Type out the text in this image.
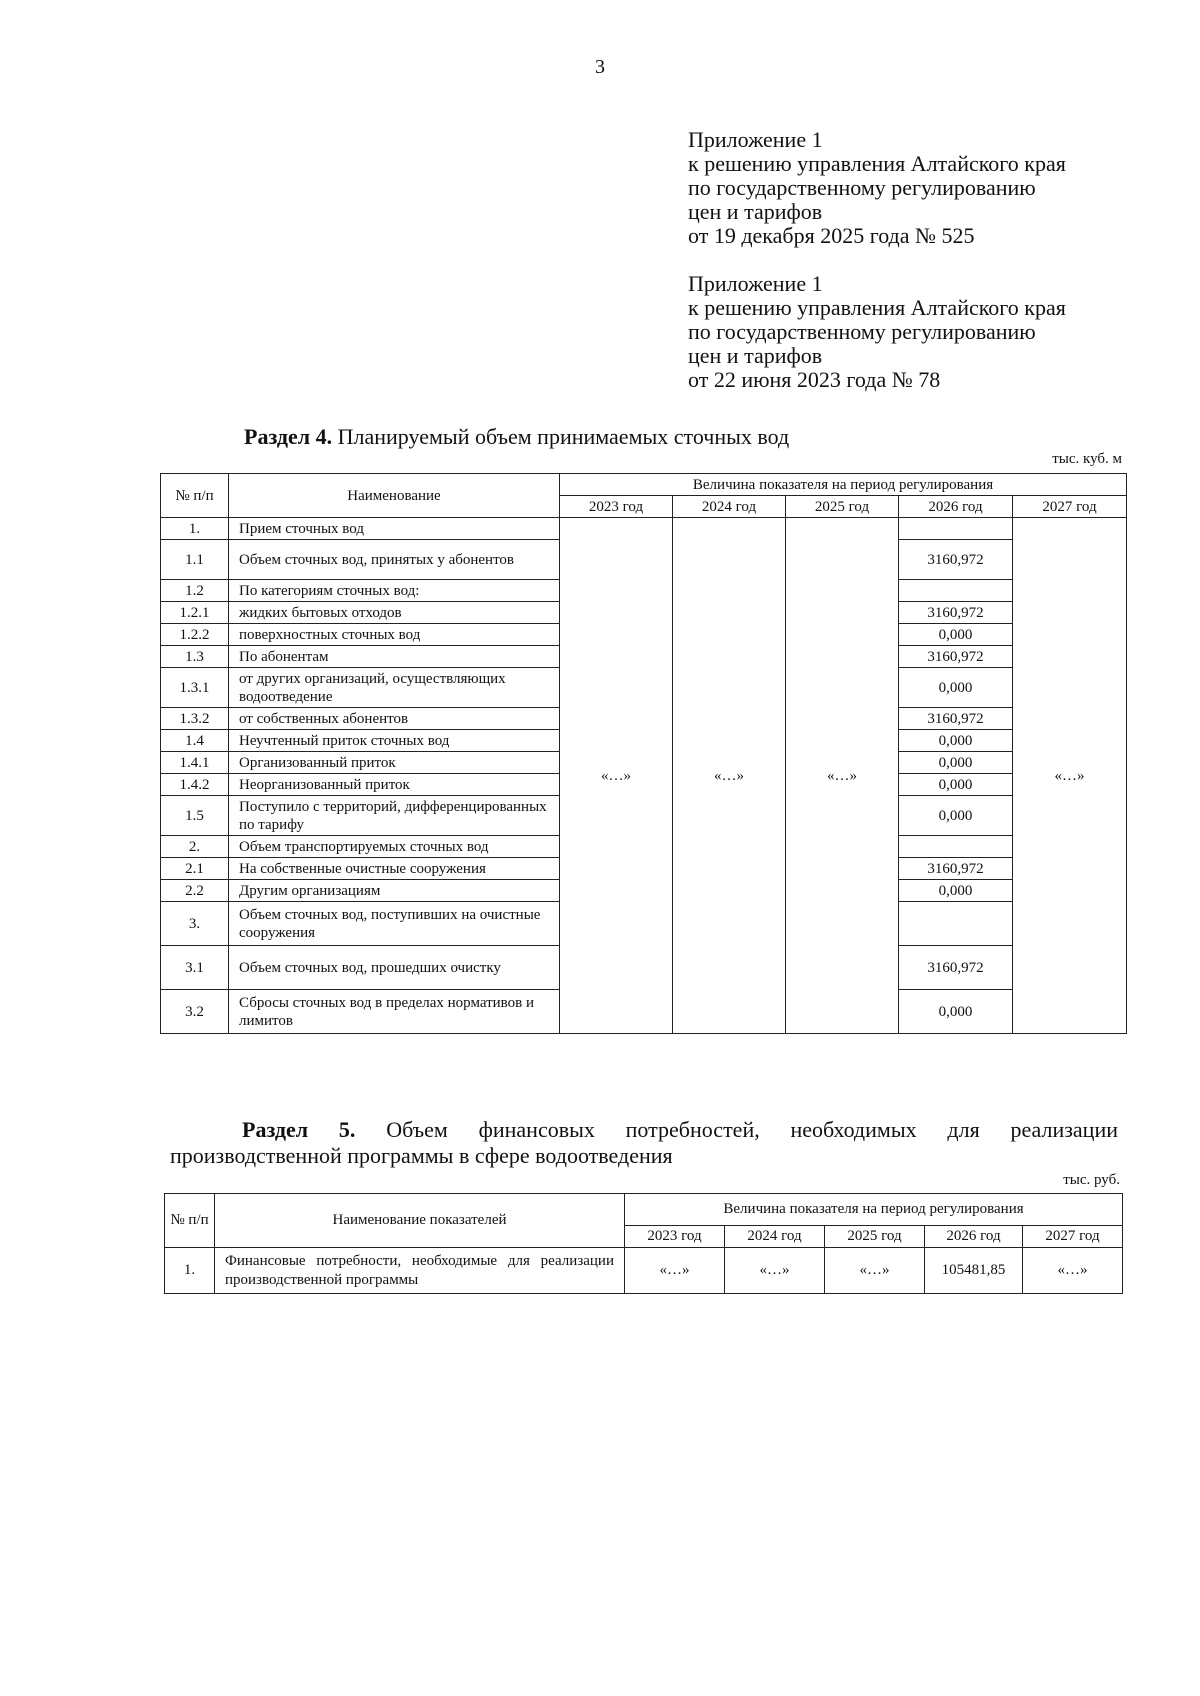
3
Приложение 1
к решению управления Алтайского края
по государственному регулированию
цен и тарифов
от 19 декабря 2025 года № 525
Приложение 1
к решению управления Алтайского края
по государственному регулированию
цен и тарифов
от 22 июня 2023 года № 78
Раздел 4. Планируемый объем принимаемых сточных вод
тыс. куб. м
№ п/п	Наименование	Величина показателя на период регулирования				
		2023 год	2024 год	2025 год	2026 год	2027 год
1.	Прием сточных вод	«…»	«…»	«…»		«…»
1.1	Объем сточных вод, принятых у абонентов				3160,972	
1.2	По категориям сточных вод:					
1.2.1	жидких бытовых отходов				3160,972	
1.2.2	поверхностных сточных вод				0,000	
1.3	По абонентам				3160,972	
1.3.1	от других организаций, осуществляющих водоотведение				0,000	
1.3.2	от собственных абонентов				3160,972	
1.4	Неучтенный приток сточных вод				0,000	
1.4.1	Организованный приток				0,000	
1.4.2	Неорганизованный приток				0,000	
1.5	Поступило с территорий, дифференцированных по тарифу				0,000	
2.	Объем транспортируемых сточных вод					
2.1	На собственные очистные сооружения				3160,972	
2.2	Другим организациям				0,000	
3.	Объем сточных вод, поступивших на очистные сооружения					
3.1	Объем сточных вод, прошедших очистку				3160,972	
3.2	Сбросы сточных вод в пределах нормативов и лимитов				0,000	
Раздел 5. Объем финансовых потребностей, необходимых для реализации
производственной программы в сфере водоотведения
тыс. руб.
№ п/п	Наименование показателей	Величина показателя на период регулирования				
		2023 год	2024 год	2025 год	2026 год	2027 год
1.	Финансовые потребности, необходимые для реализации производственной программы	«…»	«…»	«…»	105481,85	«…»
